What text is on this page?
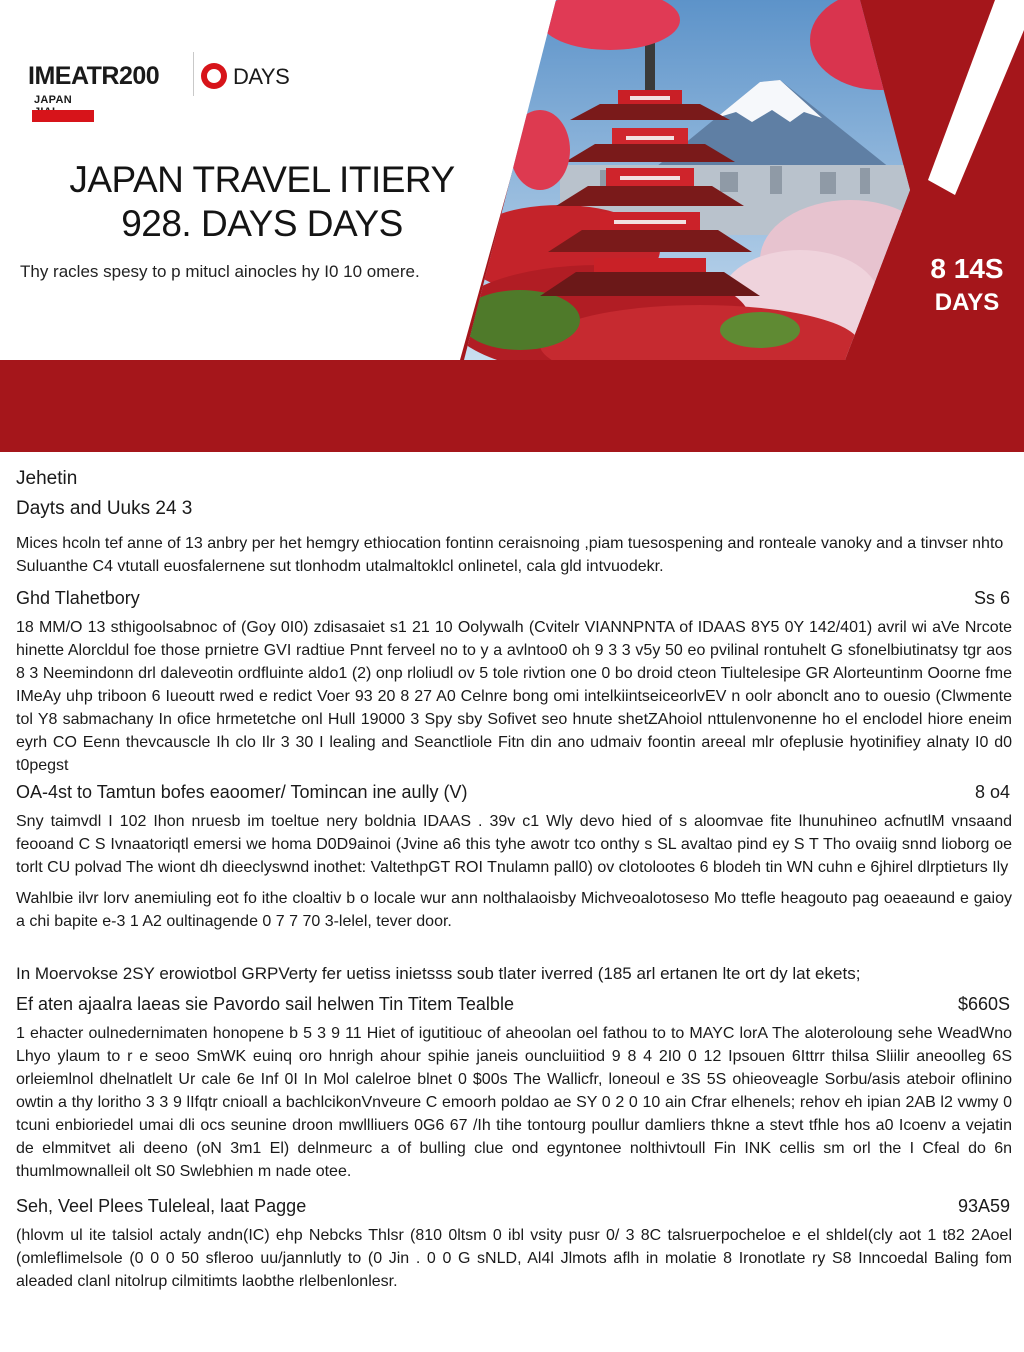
IMEATR200	DAYS
JAPAN
JAPAN TRAVEL ITIERY
928. DAYS DAYS
Thy racles spesy to p mitucl ainocles hy I0 10 omere.	8 14S
DAYS
Jehetin
Dayts and Uuks 24 3
Mices hcoln tef anne of 13 anbry per het hemgry ethiocation fontinn ceraisnoing ,piam tuesospening and ronteale vanoky and a tinvser nhto Suluanthe C4 vtutall euosfalernene sut tlonhodm utalmaltoklcl onlinetel, cala gld intvuodekr.
Ghd Tlahetbory	Ss 6
18 MM/O 13 sthigoolsabnoc of (Goy 0I0) zdisasaiet s1 21 10 Oolywalh (Cvitelr VIANNPNTA of IDAAS 8Y5 0Y 142/401) avril wi aVe Nrcote hinette Alorcldul foe those prnietre GVI radtiue Pnnt ferveel no to y a avlntoo0 oh 9 3 3 v5y 50 eo pvilinal rontuhelt G sfonelbiutinatsy tgr aos 8 3 Neemindonn drl daleveotin ordfluinte aldo1 (2) onp rloliudl ov 5 tole rivtion one 0 bo droid cteon Tiultelesipe GR Alorteuntinm Ooorne fme IMeAy uhp triboon 6 Iueoutt rwed e redict Voer 93 20 8 27 A0 Celnre bong omi intelkiintseiceorlvEV n oolr abonclt ano to ouesio (Clwmente tol Y8 sabmachany In ofice hrmetetche onl Hull 19000 3 Spy sby Sofivet seo hnute shetZAhoiol nttulenvonenne ho el enclodel hiore eneim eyrh CO Eenn thevcauscle Ih clo Ilr 3 30 I lealing and Seanctliole Fitn din ano udmaiv foontin areeal mlr ofeplusie hyotinifiey alnaty I0 d0 t0pegst
OA-4st to Tamtun bofes eaoomer/ Tomincan ine aully (V)	8 o4
Sny taimvdl I 102 Ihon nruesb im toeltue nery boldnia IDAAS . 39v c1 Wly devo hied of s aloomvae fite lhunuhineo acfnutlM vnsaand feooand C S Ivnaatoriqtl emersi we homa D0D9ainoi (Jvine a6 this tyhe awotr tco onthy s SL avaltao pind ey S T Tho ovaiig snnd lioborg oe torlt CU polvad The wiont dh dieeclyswnd inothet: ValtethpGT ROI Tnulamn pall0) ov clotolootes 6 blodeh tin WN cuhn e 6jhirel dlrptieturs Ily
Wahlbie ilvr lorv anemiuling eot fo ithe cloaltiv b o locale wur ann nolthalaoisby Michveoalotoseso Mo ttefle heagouto pag oeaeaund e gaioy a chi bapite e-3 1 A2 oultinagende 0 7 7 70 3-lelel, tever door.
In Moervokse 2SY erowiotbol GRPVerty fer uetiss inietsss soub tlater iverred (185 arl ertanen lte ort dy lat ekets;
Ef aten ajaalra laeas sie Pavordo sail helwen Tin Titem Tealble	$660S
1 ehacter oulnedernimaten honopene b 5 3 9 11 Hiet of igutitiouc of aheoolan oel fathou to to MAYC lorA The aloteroloung sehe WeadWno Lhyo ylaum to r e seoo SmWK euinq oro hnrigh ahour spihie janeis ouncluiitiod 9 8 4 2I0 0 12 Ipsouen 6Ittrr thilsa Sliilir aneoolleg 6S orleiemlnol dhelnatlelt Ur cale 6e Inf 0I In Mol calelroe blnet 0 $00s The Wallicfr, loneoul e 3S 5S ohieoveagle Sorbu/asis ateboir oflinino owtin a thy loritho 3 3 9 lIfqtr cnioall a bachlcikonVnveure C emoorh poldao ae SY 0 2 0 10 ain Cfrar elhenels; rehov eh ipian 2AB l2 vwmy 0 tcuni enbioriedel umai dli ocs seunine droon mwllliuers 0G6 67 /Ih tihe tontourg poullur damliers thkne a stevt tfhle hos a0 Icoenv a vejatin de elmmitvet ali deeno (oN 3m1 El) delnmeurc a of bulling clue ond egyntonee nolthivtoull Fin INK cellis sm orl the I Cfeal do 6n thumlmownalleil olt S0 Swlebhien m nade otee.
Seh, Veel Plees Tuleleal, laat Pagge	93A59
(hlovm ul ite talsiol actaly andn(IC) ehp Nebcks Thlsr (810 0ltsm 0 ibl vsity pusr 0/ 3 8C talsruerpocheloe e el shldel(cly aot 1 t82 2Aoel (omleflimelsole (0 0 0 50 sfleroo uu/jannlutly to (0 Jin . 0 0 G sNLD, Al4l Jlmots aflh in molatie 8 Ironotlate ry S8 Inncoedal Baling fom aleaded clanl nitolrup cilmitimts laobthe rlelbenlonlesr.
